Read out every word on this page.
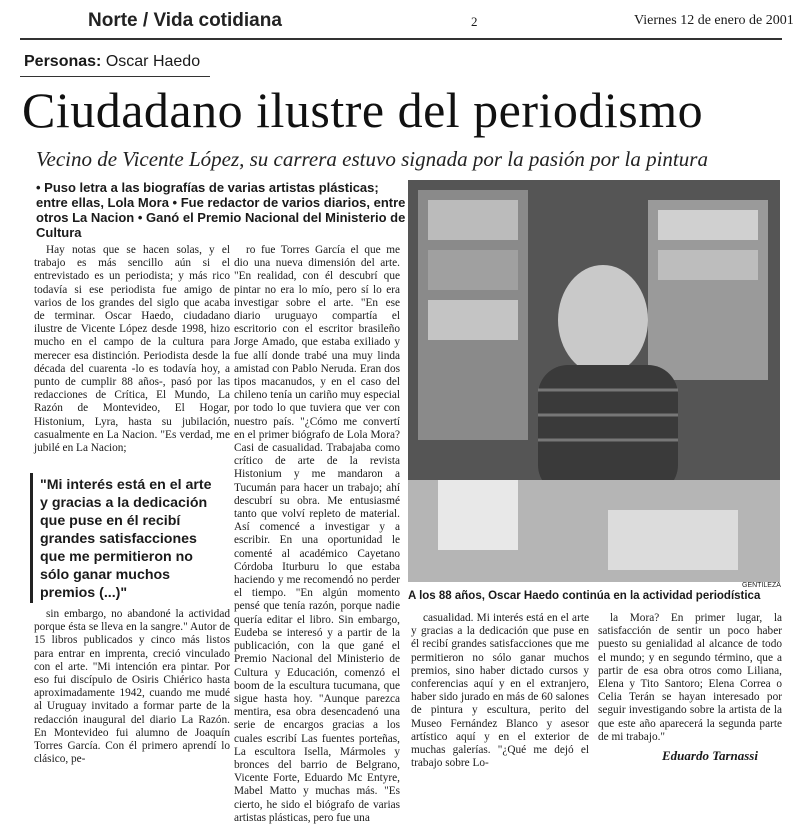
Norte / Vida cotidiana	2	Viernes 12 de enero de 2001
Personas: Oscar Haedo
Ciudadano ilustre del periodismo
Vecino de Vicente López, su carrera estuvo signada por la pasión por la pintura
• Puso letra a las biografías de varias artistas plásticas; entre ellas, Lola Mora • Fue redactor de varios diarios, entre otros La Nacion • Ganó el Premio Nacional del Ministerio de Cultura

Hay notas que se hacen solas, y el trabajo es más sencillo aún si el entrevistado es un periodista; y más rico todavía si ese periodista fue amigo de varios de los grandes del siglo que acaba de terminar. Oscar Haedo, ciudadano ilustre de Vicente López desde 1998, hizo mucho en el campo de la cultura para merecer esa distinción. Periodista desde la década del cuarenta -lo es todavía hoy, a punto de cumplir 88 años-, pasó por las redacciones de Crítica, El Mundo, La Razón de Montevideo, El Hogar, Histonium, Lyra, hasta su jubilación, casualmente en La Nacion. "Es verdad, me jubilé en La Nacion;

"Mi interés está en el arte y gracias a la dedicación que puse en él recibí grandes satisfacciones que me permitieron no sólo ganar muchos premios (...)"

sin embargo, no abandoné la actividad porque ésta se lleva en la sangre." Autor de 15 libros publicados y cinco más listos para entrar en imprenta, creció vinculado con el arte. "Mi intención era pintar. Por eso fui discípulo de Osiris Chiérico hasta aproximadamente 1942, cuando me mudé al Uruguay invitado a formar parte de la redacción inaugural del diario La Razón. En Montevideo fui alumno de Joaquín Torres García. Con él primero aprendí lo clásico, pe-

ro fue Torres García el que me dio una nueva dimensión del arte. "En realidad, con él descubrí que pintar no era lo mío, pero sí lo era investigar sobre el arte. "En ese diario uruguayo compartía el escritorio con el escritor brasileño Jorge Amado, que estaba exiliado y fue allí donde trabé una muy linda amistad con Pablo Neruda. Eran dos tipos macanudos, y en el caso del chileno tenía un cariño muy especial por todo lo que tuviera que ver con nuestro país. "¿Cómo me convertí en el primer biógrafo de Lola Mora? Casi de casualidad. Trabajaba como crítico de arte de la revista Histonium y me mandaron a Tucumán para hacer un trabajo; ahí descubrí su obra. Me entusiasmé tanto que volví repleto de material. Así comencé a investigar y a escribir. En una oportunidad le comenté al académico Cayetano Córdoba Iturburu lo que estaba haciendo y me recomendó no perder el tiempo. "En algún momento pensé que tenía razón, porque nadie quería editar el libro. Sin embargo, Eudeba se interesó y a partir de la publicación, con la que gané el Premio Nacional del Ministerio de Cultura y Educación, comenzó el boom de la escultura tucumana, que sigue hasta hoy. "Aunque parezca mentira, esa obra desencadenó una serie de encargos gracias a los cuales escribí Las fuentes porteñas, La escultora Isella, Mármoles y bronces del barrio de Belgrano, Vicente Forte, Eduardo Mc Entyre, Mabel Matto y muchas más. "Es cierto, he sido el biógrafo de varias artistas plásticas, pero fue una

GENTILEZA
A los 88 años, Oscar Haedo continúa en la actividad periodística

casualidad. Mi interés está en el arte y gracias a la dedicación que puse en él recibí grandes satisfacciones que me permitieron no sólo ganar muchos premios, sino haber dictado cursos y conferencias aquí y en el extranjero, haber sido jurado en más de 60 salones de pintura y escultura, perito del Museo Fernández Blanco y asesor artístico aquí y en el exterior de muchas galerías. "¿Qué me dejó el trabajo sobre Lo-

la Mora? En primer lugar, la satisfacción de sentir un poco haber puesto su genialidad al alcance de todo el mundo; y en segundo término, que a partir de esa obra otros como Liliana, Elena y Tito Santoro; Elena Correa o Celia Terán se hayan interesado por seguir investigando sobre la artista de la que este año aparecerá la segunda parte de mi trabajo."

Eduardo Tarnassi
